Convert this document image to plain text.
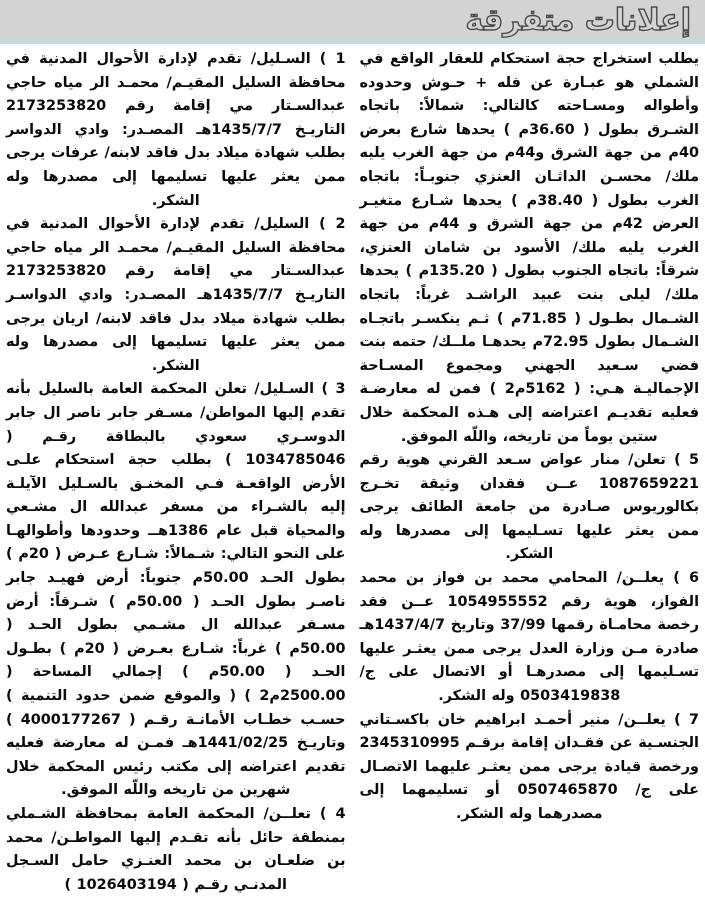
إعلانات متفرقة

1 ) السـليل/ تقدم لإدارة الأحوال المدنية في محافظة السليل المقيـم/ محمـد الر مياه حاجي عبدالسـتار مي إقامة رقم 2173253820 التاريـخ 1435/7/7هـ المصـدر: وادي الدواسر بطلب شهادة ميلاد بدل فاقد لابنه/ عرفات يرجى ممن يعثر عليها تسليمها إلى مصدرها وله الشكر.

2 ) السليل/ تقدم لإدارة الأحوال المدنية في محافظة السليل المقيـم/ محمـد الر مياه حاجي عبدالسـتار مي إقامة رقم 2173253820 التاريـخ 1435/7/7هـ المصـدر: وادي الدواسـر بطلب شهادة ميلاد بدل فاقد لابنه/ اريان يرجى ممن يعثر عليها تسليمها إلى مصدرها وله الشكر.

3 ) السـليل/ تعلن المحكمة العامة بالسليل بأنه تقدم إليها المواطن/ مسـفر جابر ناصر ال جابر الدوسـري سعودي بالبطاقة رقـم ( 1034785046 ) بطلب حجة استحكام علـى الأرض الواقعـة فـي المخنـق بالسـليل الآيلـة إليه بالشـراء من مسفر عبدالله ال مشـعي والمحياة قبل عام 1386هــ وحدودها وأطوالهـا على النحو التالي: شـمالاً: شـارع عـرض ( 20م ) بطول الحـد 50.00م جنوباً: أرض فهيـد جابر ناصـر بطول الحـد ( 50.00م ) شـرقاً: أرض مسـفر عبدالله ال مشـمي بطول الحـد ( 50.00م ) غرباً: شـارع بعـرض ( 20م ) بطـول الحـد ( 50.00م ) إجمالي المساحة ( 2500.00م2 ) ( والموقع ضمن حدود التنمية ) حسـب خطـاب الأمانـة رقـم ( 4000177267 ) وتاريـخ 1441/02/25هـ فمـن له معارضة فعليه تقديم اعتراضه إلى مكتب رئيس المحكمة خلال شهرين من تاريخه واللّه الموفق.

4 ) تعلــن/ المحكمة العامة بمحافظة الشـملي بمنطقة حائل بأنه تقـدم إليها المواطـن/ محمد بن ضلعـان بن محمد العنـزي حامل السـجل المدنـي رقـم ( 1026403194 )

يطلب استخراج حجة استحكام للعقار الواقع في الشملي هو عبـارة عن فله + حـوش وحدوده وأطواله ومسـاحته كالتالي: شمالاً: باتجاه الشـرق بطول ( 36.60م ) يحدها شارع بعرض 40م من جهة الشرق و44م من جهة الغرب يليه ملك/ محسـن الداثـان العنزي جنوبـاً: باتجاه الغرب بطول ( 38.40م ) يحدها شـارع متغيـر العرض 42م من جهة الشرق و 44م من جهة الغرب يليه ملك/ الأسود بن شامان العنزي، شرقاً: باتجاه الجنوب بطول ( 135.20م ) يحدها ملك/ ليلى بنت عبيد الراشـد غرباً: باتجاه الشـمال بطـول ( 71.85م ) ثـم ينكسـر باتجـاه الشـمال بطول 72.95م يحدهـا ملــك/ حتمه بنت فضي سـعيد الجهني ومجموع المسـاحة الإجماليـة هـي: ( 5162م2 ) فمن له معارضـة فعليه تقديـم اعتراضه إلى هـذه المحكمة خلال ستين يوماً من تاريخه، واللّه الموفق.

5 ) تعلن/ منار عواض سـعد القرني هوية رقم 1087659221 عــن فقدان وثيقة تخـرج بكالوريوس صـادرة من جامعة الطائف يرجى ممن يعثر عليها تسـليمها إلى مصدرها وله الشكر.

6 ) يعلــن/ المحامي محمد بن فواز بن محمد الفواز، هوية رقم 1054955552 عــن فقد رخصة محامـاة رقمها 37/99 وتاريخ 1437/4/7هـ صادرة مـن وزارة العدل يرجى ممن يعثـر عليها تسـليمها إلى مصدرهـا أو الاتصال على ج/ 0503419838 وله الشكر.

7 ) يعلــن/ منير أحمـد ابراهيم خان باكسـتاني الجنسـية عن فقـدان إقامة برقـم 2345310995 ورخصة قيادة يرجى ممن يعثـر عليهما الاتصـال على ج/ 0507465870 أو تسليمهما إلى مصدرهما وله الشكر.
